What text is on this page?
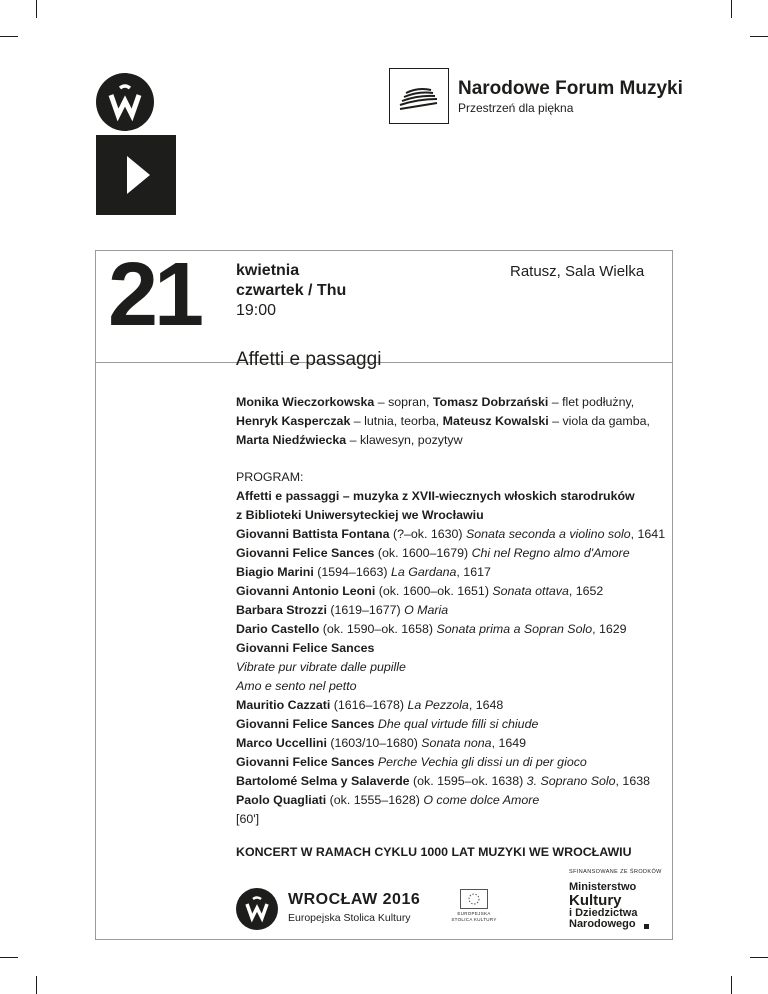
Narodowe Forum Muzyki
Przestrzeń dla piękna
21 kwietnia
czwartek / Thu
19:00
Ratusz, Sala Wielka
Affetti e passaggi

Monika Wieczorkowska – sopran, Tomasz Dobrzański – flet podłużny,

Henryk Kasperczak – lutnia, teorba, Mateusz Kowalski – viola da gamba,

Marta Niedźwiecka – klawesyn, pozytyw

PROGRAM:

Affetti e passaggi – muzyka z XVII-wiecznych włoskich starodruków

z Biblioteki Uniwersyteckiej we Wrocławiu

Giovanni Battista Fontana (?–ok. 1630) Sonata seconda a violino solo, 1641

Giovanni Felice Sances (ok. 1600–1679) Chi nel Regno almo d'Amore

Biagio Marini (1594–1663) La Gardana, 1617

Giovanni Antonio Leoni (ok. 1600–ok. 1651) Sonata ottava, 1652

Barbara Strozzi (1619–1677) O Maria

Dario Castello (ok. 1590–ok. 1658) Sonata prima a Sopran Solo, 1629

Giovanni Felice Sances

Vibrate pur vibrate dalle pupille

Amo e sento nel petto

Mauritio Cazzati (1616–1678) La Pezzola, 1648

Giovanni Felice Sances Dhe qual virtude filli si chiude

Marco Uccellini (1603/10–1680) Sonata nona, 1649

Giovanni Felice Sances Perche Vechia gli dissi un di per gioco

Bartolomé Selma y Salaverde (ok. 1595–ok. 1638) 3. Soprano Solo, 1638

Paolo Quagliati (ok. 1555–1628) O come dolce Amore

[60']

KONCERT W RAMACH CYKLU 1000 LAT MUZYKI WE WROCŁAWIU
WROCŁAW 2016
Europejska Stolica Kultury	EUROPEJSKA
STOLICA KULTURY
SFINANSOWANE ZE ŚRODKÓW
Ministerstwo
Kultury
i Dziedzictwa
Narodowego
